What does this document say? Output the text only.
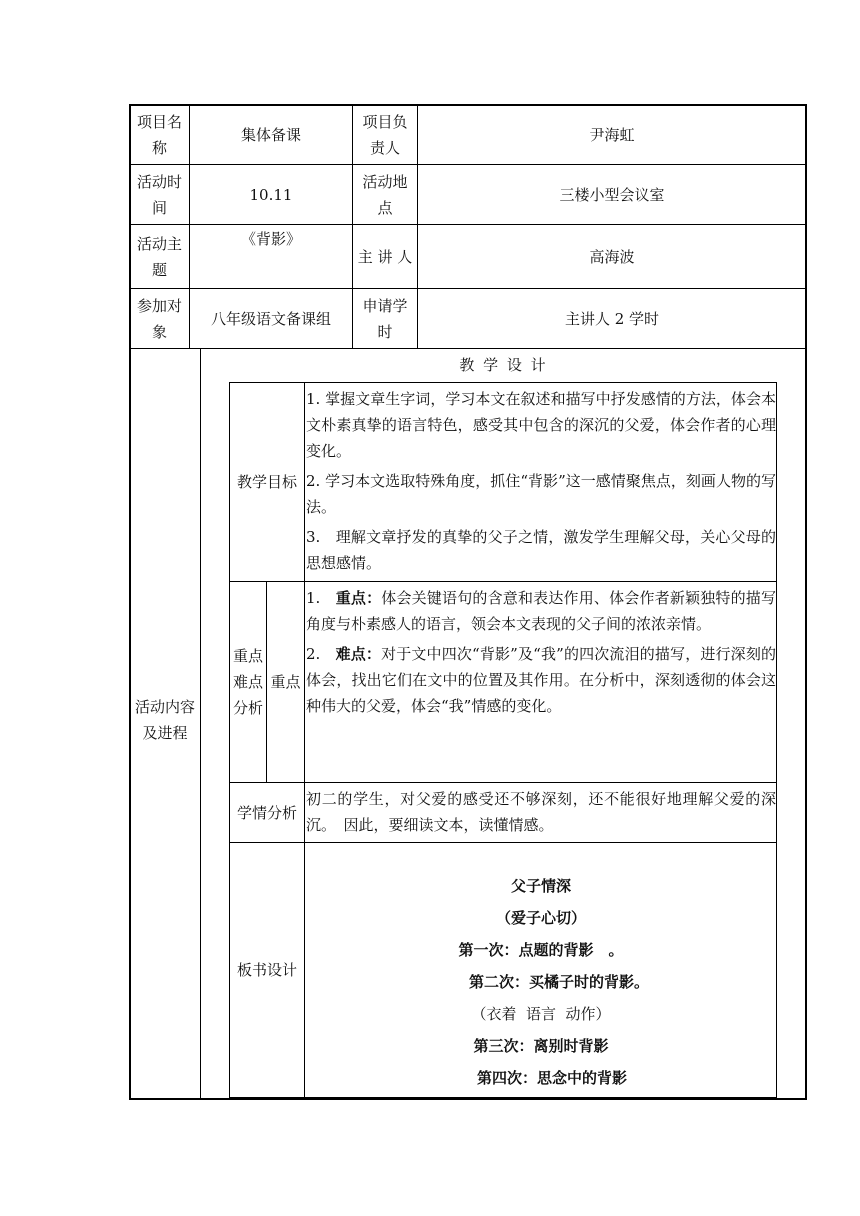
项目名称
集体备课
项目负责人
尹海虹
活动时间
10.11
活动地点
三楼小型会议室
活动主题
《背影》
主 讲 人	高海波
参加对象
八年级语文备课组
申请学时
主讲人 2 学时
活动内容及进程
教 学 设 计
教学目标

1. 掌握文章生字词，学习本文在叙述和描写中抒发感情的方法，体会本文朴素真挚的语言特色，感受其中包含的深沉的父爱，体会作者的心理变化。

2. 学习本文选取特殊角度，抓住“背影”这一感情聚焦点，刻画人物的写法。

3.　理解文章抒发的真挚的父子之情，激发学生理解父母，关心父母的思想感情。

重点难点分析
重点

1.　重点：体会关键语句的含意和表达作用、体会作者新颖独特的描写角度与朴素感人的语言，领会本文表现的父子间的浓浓亲情。

2.　难点：对于文中四次“背影”及“我”的四次流泪的描写，进行深刻的体会，找出它们在文中的位置及其作用。在分析中，深刻透彻的体会这种伟大的父爱，体会“我”情感的变化。

学情分析
初二的学生，对父爱的感受还不够深刻，还不能很好地理解父爱的深沉。　因此，要细读文本，读懂情感。
板书设计
父子情深
（爱子心切）
第一次：点题的背影　。
第二次：买橘子时的背影。
（衣着  语言  动作）
第三次：离别时背影
第四次：思念中的背影
